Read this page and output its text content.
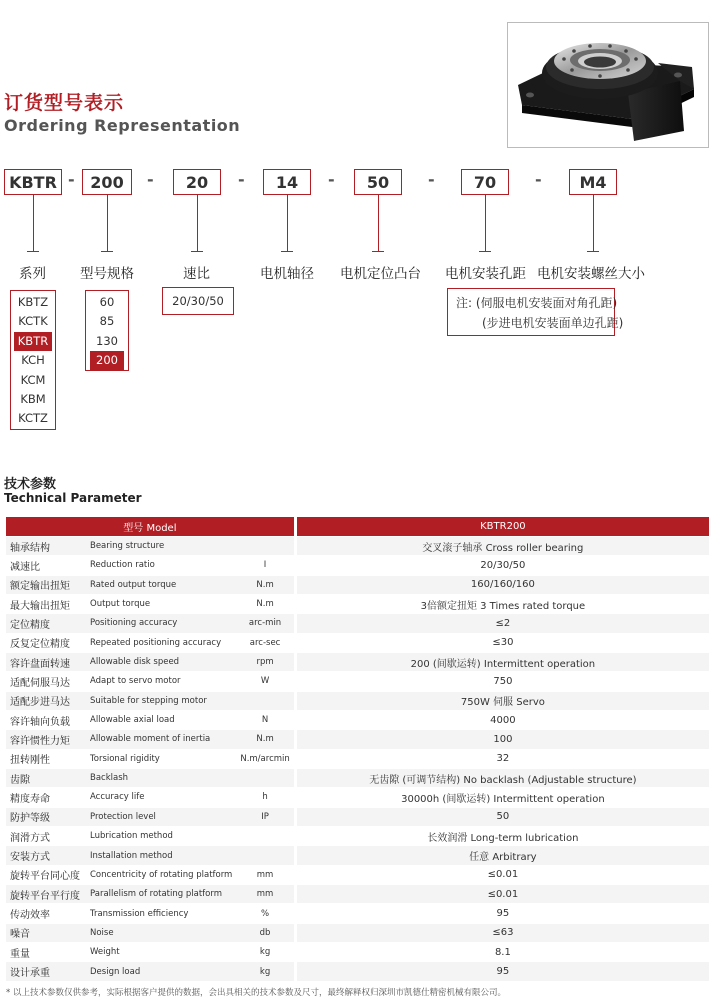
订货型号表示
Ordering Representation
KBTR - 200	-	20	-	14	-	50	-	70	-	M4
系列	型号规格	速比	电机轴径 电机定位凸台 电机安装孔距 电机安装螺丝大小
KBTZ
KCTK
KBTR
KCH
KCM
KBM
KCTZ
60
85
130
200
20/30/50	注: (伺服电机安装面对角孔距)
(步进电机安装面单边孔距)
技术参数
Technical Parameter
型号 Model			KBTR200
轴承结构	Bearing structure		交叉滚子轴承 Cross roller bearing
减速比	Reduction ratio	I	20/30/50
额定输出扭矩	Rated output torque	N.m	160/160/160
最大输出扭矩	Output torque	N.m	3倍额定扭矩 3 Times rated torque
定位精度	Positioning accuracy	arc-min	≤2
反复定位精度	Repeated positioning accuracy	arc-sec	≤30
容许盘面转速	Allowable disk speed	rpm	200 (间歇运转) Intermittent operation
适配伺服马达	Adapt to servo motor	W	750
适配步进马达	Suitable for stepping motor		750W 伺服 Servo
容许轴向负载	Allowable axial load	N	4000
容许惯性力矩	Allowable moment of inertia	N.m	100
扭转刚性	Torsional rigidity	N.m/arcmin	32
齿隙	Backlash		无齿隙 (可调节结构) No backlash (Adjustable structure)
精度寿命	Accuracy life	h	30000h (间歇运转) Intermittent operation
防护等级	Protection level	IP	50
润滑方式	Lubrication method		长效润滑 Long-term lubrication
安装方式	Installation method		任意 Arbitrary
旋转平台同心度	Concentricity of rotating platform	mm	≤0.01
旋转平台平行度	Parallelism of rotating platform	mm	≤0.01
传动效率	Transmission efficiency	%	95
噪音	Noise	db	≤63
重量	Weight	kg	8.1
设计承重	Design load	kg	95
* 以上技术参数仅供参考，实际根据客户提供的数据，会出具相关的技术参数及尺寸，最终解释权归深圳市凯德仕精密机械有限公司。
